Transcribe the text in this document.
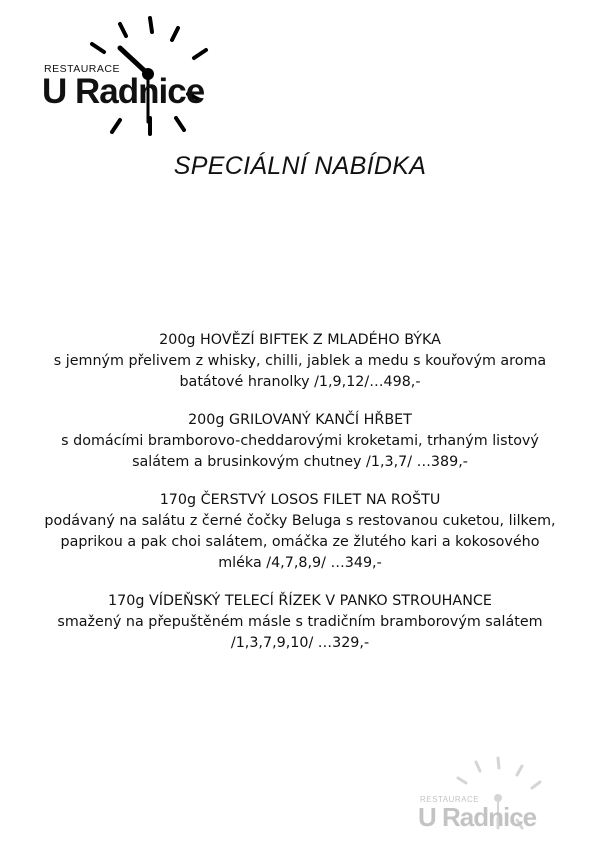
RESTAURACE
U Radnice
SPECIÁLNÍ NABÍDKA
200g HOVĚZÍ BIFTEK Z MLADÉHO BÝKA
s jemným přelivem z whisky, chilli, jablek a medu s kouřovým aroma batátové hranolky /1,9,12/…498,-
200g GRILOVANÝ KANČÍ HŘBET
s domácími bramborovo-cheddarovými kroketami, trhaným listový salátem a brusinkovým chutney /1,3,7/ …389,-
170g ČERSTVÝ LOSOS FILET NA ROŠTU
podávaný na salátu z černé čočky Beluga s restovanou cuketou, lilkem, paprikou a pak choi salátem, omáčka ze žlutého kari a kokosového mléka /4,7,8,9/ …349,-
170g VÍDEŇSKÝ TELECÍ ŘÍZEK V PANKO STROUHANCE
smažený na přepuštěném másle s tradičním bramborovým salátem /1,3,7,9,10/ …329,-
RESTAURACE
U Radnice
